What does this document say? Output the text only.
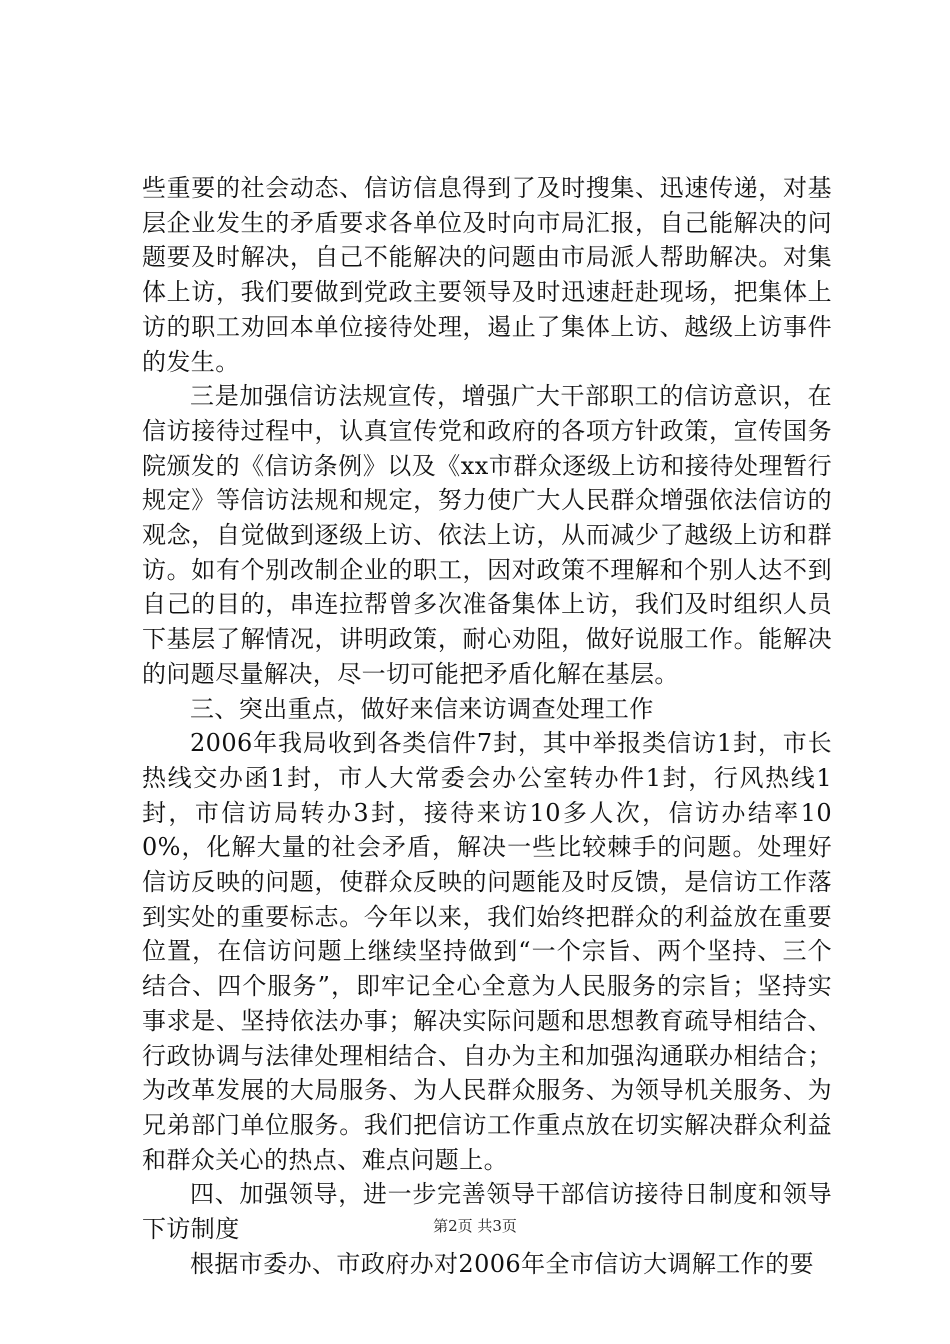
些重要的社会动态、信访信息得到了及时搜集、迅速传递，对基层企业发生的矛盾要求各单位及时向市局汇报，自己能解决的问题要及时解决，自己不能解决的问题由市局派人帮助解决。对集体上访，我们要做到党政主要领导及时迅速赶赴现场，把集体上访的职工劝回本单位接待处理，遏止了集体上访、越级上访事件的发生。

三是加强信访法规宣传，增强广大干部职工的信访意识，在信访接待过程中，认真宣传党和政府的各项方针政策，宣传国务院颁发的《信访条例》以及《xx市群众逐级上访和接待处理暂行规定》等信访法规和规定，努力使广大人民群众增强依法信访的观念，自觉做到逐级上访、依法上访，从而减少了越级上访和群访。如有个别改制企业的职工，因对政策不理解和个别人达不到自己的目的，串连拉帮曾多次准备集体上访，我们及时组织人员下基层了解情况，讲明政策，耐心劝阻，做好说服工作。能解决的问题尽量解决，尽一切可能把矛盾化解在基层。

三、突出重点，做好来信来访调查处理工作

2006年我局收到各类信件7封，其中举报类信访1封，市长热线交办函1封，市人大常委会办公室转办件1封，行风热线1封，市信访局转办3封，接待来访10多人次，信访办结率100%，化解大量的社会矛盾，解决一些比较棘手的问题。处理好信访反映的问题，使群众反映的问题能及时反馈，是信访工作落到实处的重要标志。今年以来，我们始终把群众的利益放在重要位置，在信访问题上继续坚持做到“一个宗旨、两个坚持、三个结合、四个服务”，即牢记全心全意为人民服务的宗旨；坚持实事求是、坚持依法办事；解决实际问题和思想教育疏导相结合、行政协调与法律处理相结合、自办为主和加强沟通联办相结合；为改革发展的大局服务、为人民群众服务、为领导机关服务、为兄弟部门单位服务。我们把信访工作重点放在切实解决群众利益和群众关心的热点、难点问题上。

四、加强领导，进一步完善领导干部信访接待日制度和领导下访制度

根据市委办、市政府办对2006年全市信访大调解工作的要

第2页 共3页
